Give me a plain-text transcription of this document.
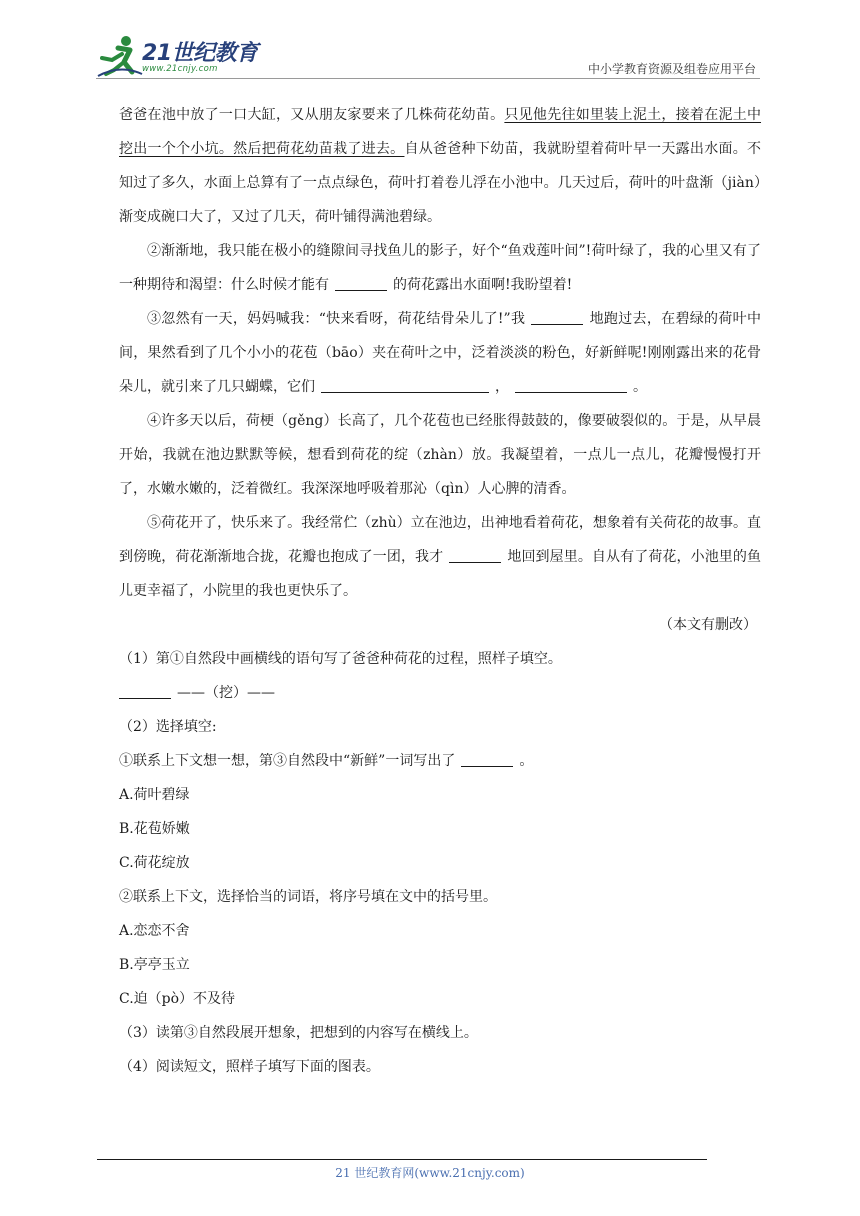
21世纪教育
www.21cnjy.com	中小学教育资源及组卷应用平台

爸爸在池中放了一口大缸，又从朋友家要来了几株荷花幼苗。只见他先往如里装上泥土，接着在泥土中挖出一个个小坑。然后把荷花幼苗栽了进去。自从爸爸种下幼苗，我就盼望着荷叶早一天露出水面。不知过了多久，水面上总算有了一点点绿色，荷叶打着卷儿浮在小池中。几天过后，荷叶的叶盘渐（jiàn）渐变成碗口大了，又过了几天，荷叶铺得满池碧绿。

②渐渐地，我只能在极小的缝隙间寻找鱼儿的影子，好个“鱼戏莲叶间”!荷叶绿了，我的心里又有了一种期待和渴望：什么时候才能有	的荷花露出水面啊!我盼望着!

③忽然有一天，妈妈喊我：“快来看呀，荷花结骨朵儿了!”我	地跑过去，在碧绿的荷叶中间，果然看到了几个小小的花苞（bāo）夹在荷叶之中，泛着淡淡的粉色，好新鲜呢!刚刚露出来的花骨朵儿，就引来了几只蝴蝶，它们	，	。

④许多天以后，荷梗（gěng）长高了，几个花苞也已经胀得鼓鼓的，像要破裂似的。于是，从早晨开始，我就在池边默默等候，想看到荷花的绽（zhàn）放。我凝望着，一点儿一点儿，花瓣慢慢打开了，水嫩水嫩的，泛着微红。我深深地呼吸着那沁（qìn）人心脾的清香。

⑤荷花开了，快乐来了。我经常伫（zhù）立在池边，出神地看着荷花，想象着有关荷花的故事。直到傍晚，荷花渐渐地合拢，花瓣也抱成了一团，我才	地回到屋里。自从有了荷花，小池里的鱼儿更幸福了，小院里的我也更快乐了。

（本文有删改）

（1）第①自然段中画横线的语句写了爸爸种荷花的过程，照样子填空。

——（挖）——

（2）选择填空:

①联系上下文想一想，第③自然段中“新鲜”一词写出了	。

A.荷叶碧绿

B.花苞娇嫩

C.荷花绽放

②联系上下文，选择恰当的词语，将序号填在文中的括号里。

A.恋恋不舍

B.亭亭玉立

C.迫（pò）不及待

（3）读第③自然段展开想象，把想到的内容写在横线上。

（4）阅读短文，照样子填写下面的图表。

21 世纪教育网(www.21cnjy.com)
